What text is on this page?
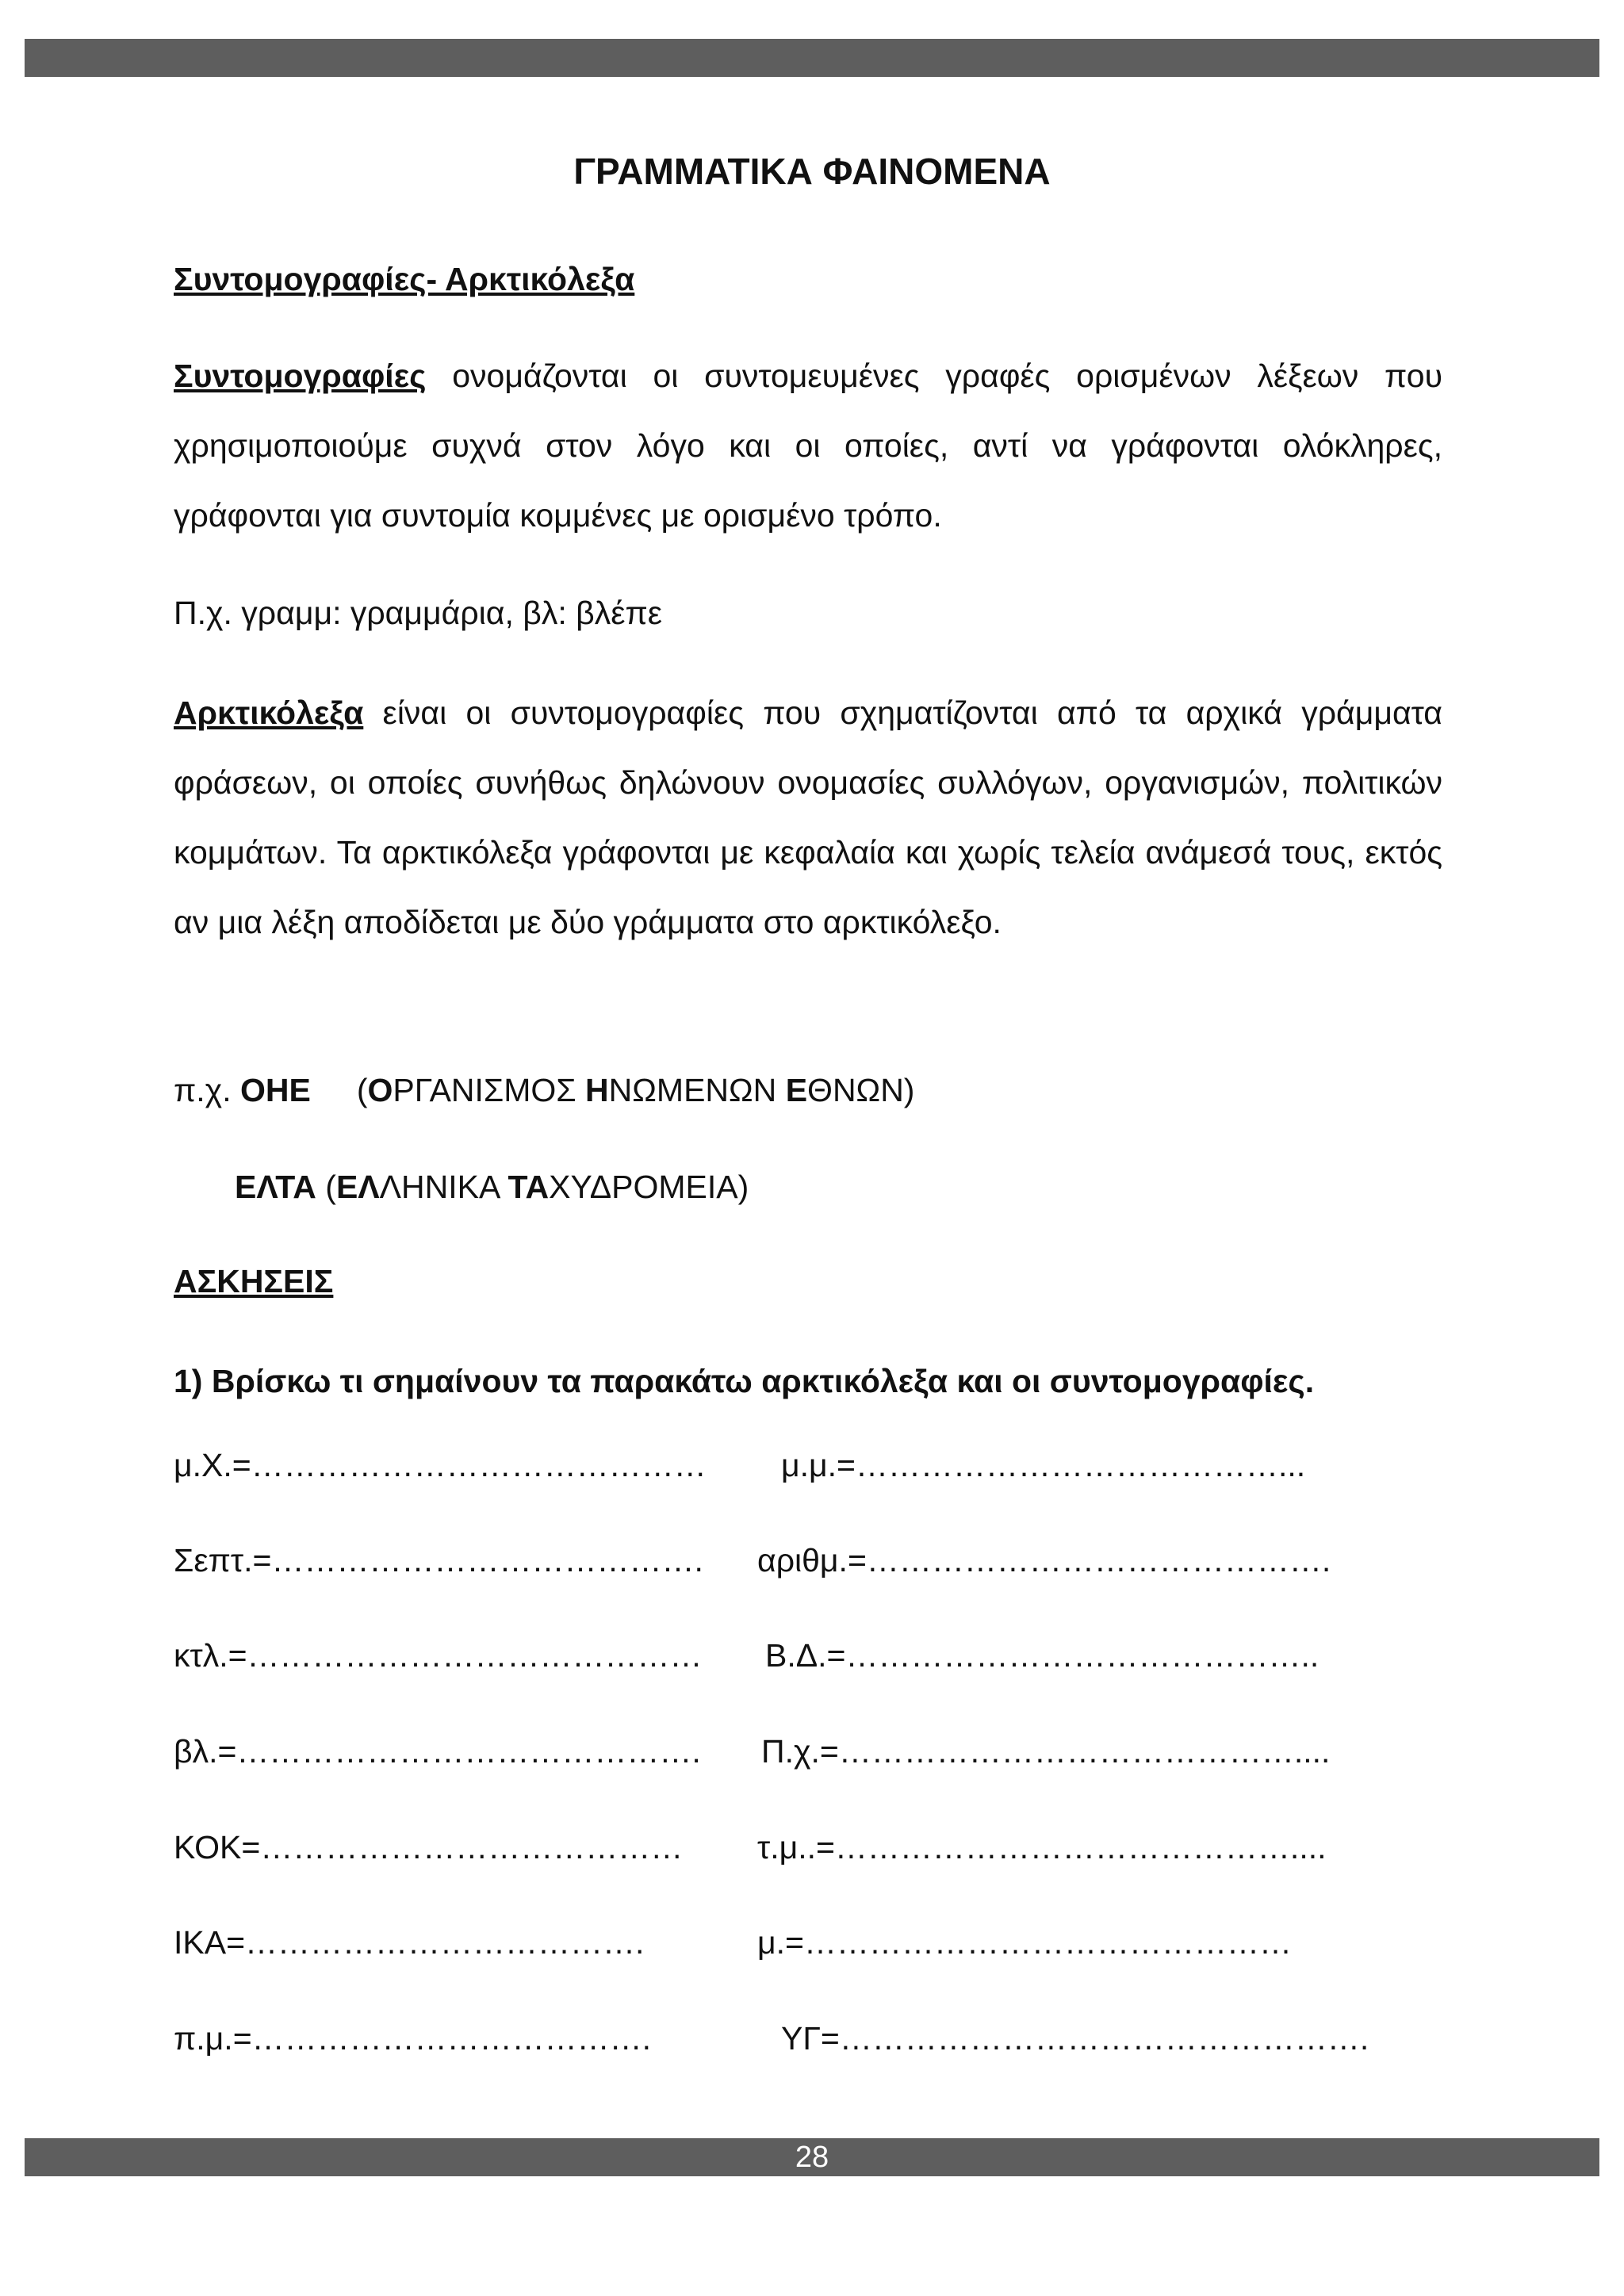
ΓΡΑΜΜΑΤΙΚΑ ΦΑΙΝΟΜΕΝΑ
Συντομογραφίες- Αρκτικόλεξα
Συντομογραφίες ονομάζονται οι συντομευμένες γραφές ορισμένων λέξεων που χρησιμοποιούμε συχνά στον λόγο και οι οποίες, αντί να γράφονται ολόκληρες, γράφονται για συντομία κομμένες με ορισμένο τρόπο.
Π.χ. γραμμ: γραμμάρια, βλ: βλέπε
Αρκτικόλεξα είναι οι συντομογραφίες που σχηματίζονται από τα αρχικά γράμματα φράσεων, οι οποίες συνήθως δηλώνουν ονομασίες συλλόγων, οργανισμών, πολιτικών κομμάτων. Τα αρκτικόλεξα γράφονται με κεφαλαία και χωρίς τελεία ανάμεσά τους, εκτός αν μια λέξη αποδίδεται με δύο γράμματα στο αρκτικόλεξο.
π.χ. ΟΗΕ (ΟΡΓΑΝΙΣΜΟΣ ΗΝΩΜΕΝΩΝ ΕΘΝΩΝ)
ΕΛΤΑ (ΕΛΛΗΝΙΚΑ ΤΑΧΥΔΡΟΜΕΙΑ)
ΑΣΚΗΣΕΙΣ
1) Βρίσκω τι σημαίνουν τα παρακάτω αρκτικόλεξα και οι συντομογραφίες.
μ.Χ.=…………………………………… μ.μ.=…………………………………...
Σεπτ.=…………………………………. αριθμ.=…………………………………….
κτλ.=…………………………………… Β.Δ.=……………………………………..
βλ.=……………………………………. Π.χ.=……………………………………....
ΚΟΚ=………………………………… τ.μ..=……………………………………....
ΙΚΑ=……………………………….	μ.=………………………………………
π.μ.=……………………………….	ΥΓ=………………………………………….
28
